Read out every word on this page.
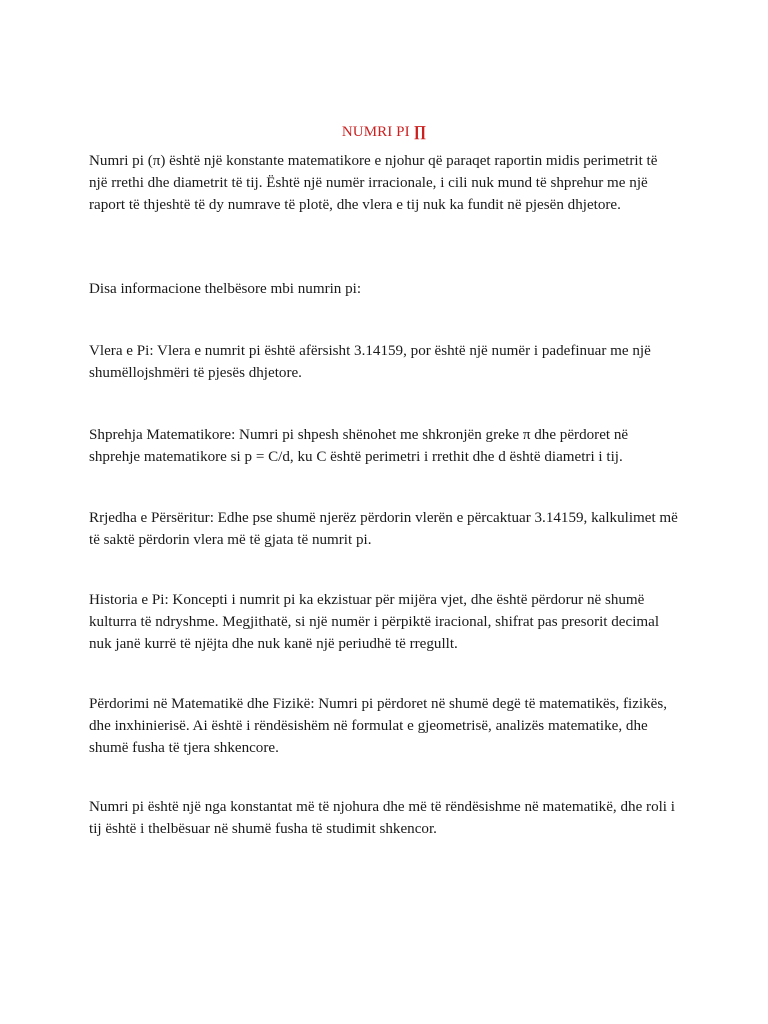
NUMRI PI ∏

Numri pi (π) është një konstante matematikore e njohur që paraqet raportin midis perimetrit të një rrethi dhe diametrit të tij. Është një numër irracionale, i cili nuk mund të shprehur me një raport të thjeshtë të dy numrave të plotë, dhe vlera e tij nuk ka fundit në pjesën dhjetore.

Disa informacione thelbësore mbi numrin pi:

Vlera e Pi: Vlera e numrit pi është afërsisht 3.14159, por është një numër i padefinuar me një shumëllojshmëri të pjesës dhjetore.

Shprehja Matematikore: Numri pi shpesh shënohet me shkronjën greke π dhe përdoret në shprehje matematikore si p = C/d, ku C është perimetri i rrethit dhe d është diametri i tij.

Rrjedha e Përsëritur: Edhe pse shumë njerëz përdorin vlerën e përcaktuar 3.14159, kalkulimet më të saktë përdorin vlera më të gjata të numrit pi.

Historia e Pi: Koncepti i numrit pi ka ekzistuar për mijëra vjet, dhe është përdorur në shumë kulturra të ndryshme. Megjithatë, si një numër i përpiktë iracional, shifrat pas presorit decimal nuk janë kurrë të njëjta dhe nuk kanë një periudhë të rregullt.

Përdorimi në Matematikë dhe Fizikë: Numri pi përdoret në shumë degë të matematikës, fizikës, dhe inxhinierisë. Ai është i rëndësishëm në formulat e gjeometrisë, analizës matematike, dhe shumë fusha të tjera shkencore.

Numri pi është një nga konstantat më të njohura dhe më të rëndësishme në matematikë, dhe roli i tij është i thelbësuar në shumë fusha të studimit shkencor.
